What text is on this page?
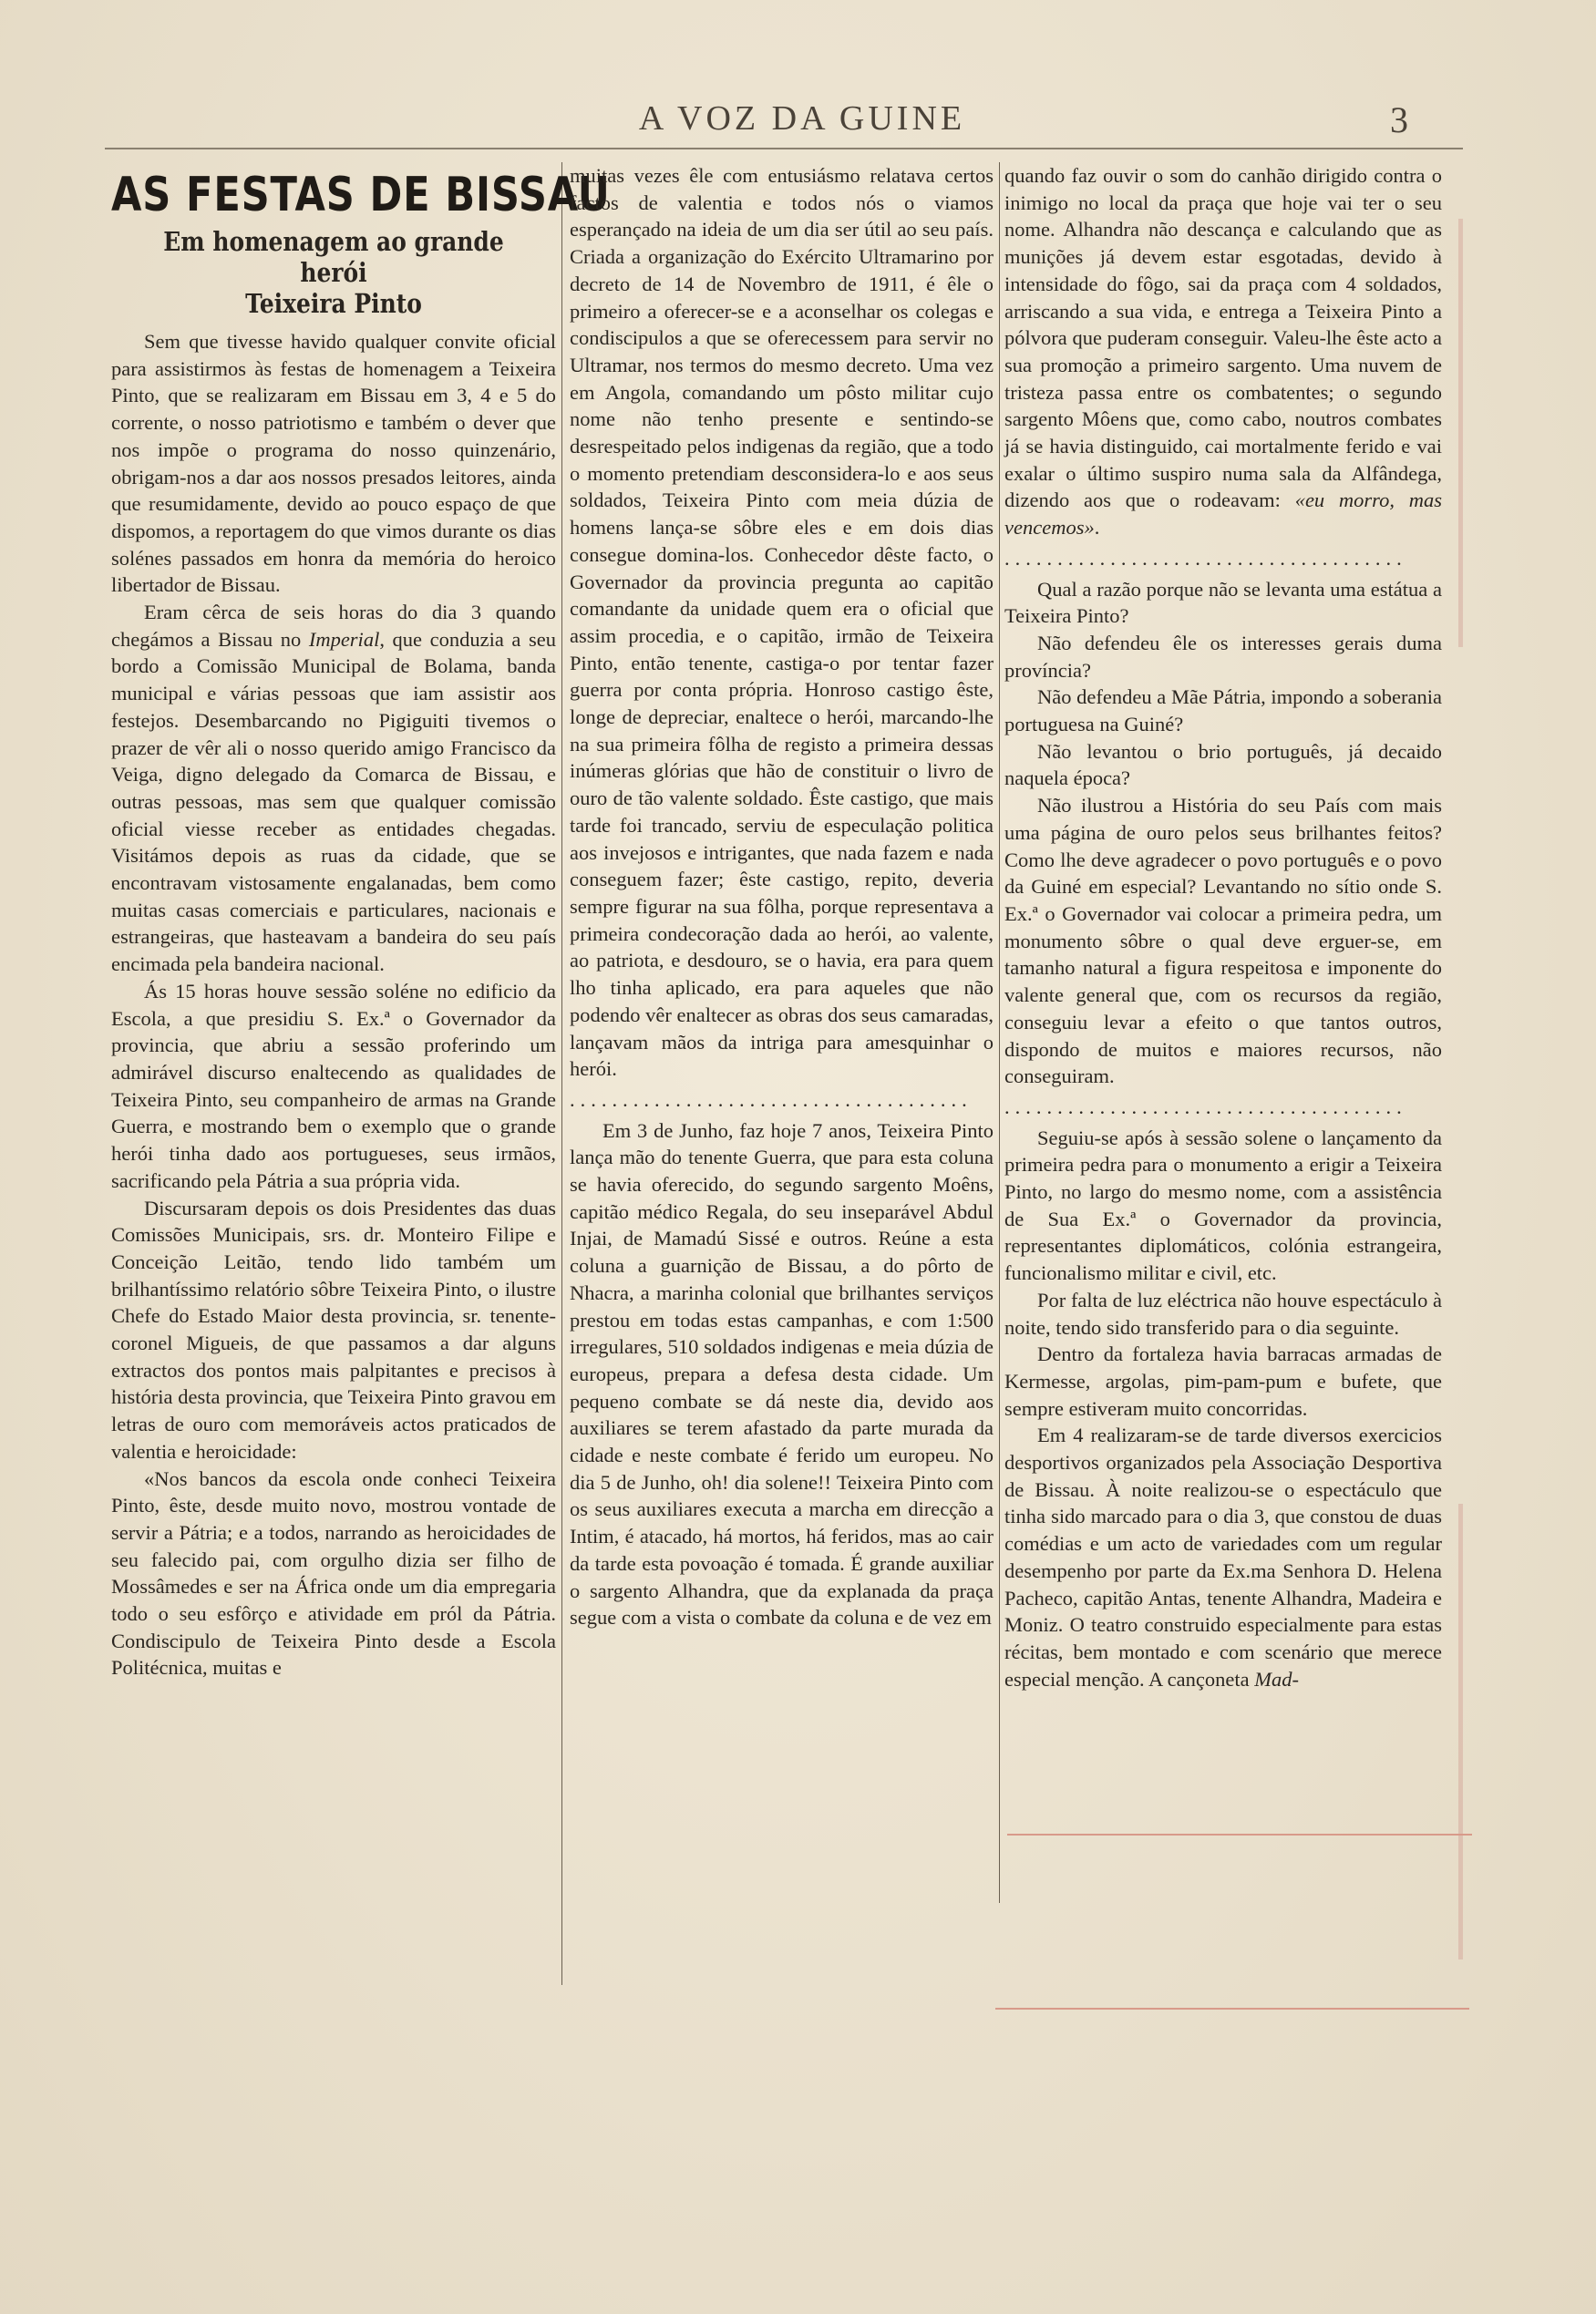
A VOZ DA GUINE	3
AS FESTAS DE BISSAU
Em homenagem ao grande herói
Teixeira Pinto

Sem que tivesse havido qualquer convite oficial para assistirmos às festas de homenagem a Teixeira Pinto, que se realizaram em Bissau em 3, 4 e 5 do corrente, o nosso patriotismo e também o dever que nos impõe o programa do nosso quinzenário, obrigam-nos a dar aos nossos presados leitores, ainda que resumidamente, devido ao pouco espaço de que dispomos, a reportagem do que vimos durante os dias solénes passados em honra da memória do heroico libertador de Bissau.

Eram cêrca de seis horas do dia 3 quando chegámos a Bissau no Imperial, que conduzia a seu bordo a Comissão Municipal de Bolama, banda municipal e várias pessoas que iam assistir aos festejos. Desembarcando no Pigiguiti tivemos o prazer de vêr ali o nosso querido amigo Francisco da Veiga, digno delegado da Comarca de Bissau, e outras pessoas, mas sem que qualquer comissão oficial viesse receber as entidades chegadas. Visitámos depois as ruas da cidade, que se encontravam vistosamente engalanadas, bem como muitas casas comerciais e particulares, nacionais e estrangeiras, que hasteavam a bandeira do seu país encimada pela bandeira nacional.

Ás 15 horas houve sessão soléne no edificio da Escola, a que presidiu S. Ex.ª o Governador da provincia, que abriu a sessão proferindo um admirável discurso enaltecendo as qualidades de Teixeira Pinto, seu companheiro de armas na Grande Guerra, e mostrando bem o exemplo que o grande herói tinha dado aos portugueses, seus irmãos, sacrificando pela Pátria a sua própria vida.

Discursaram depois os dois Presidentes das duas Comissões Municipais, srs. dr. Monteiro Filipe e Conceição Leitão, tendo lido também um brilhantíssimo relatório sôbre Teixeira Pinto, o ilustre Chefe do Estado Maior desta provincia, sr. tenente-coronel Migueis, de que passamos a dar alguns extractos dos pontos mais palpitantes e precisos à história desta provincia, que Teixeira Pinto gravou em letras de ouro com memoráveis actos praticados de valentia e heroicidade:

«Nos bancos da escola onde conheci Teixeira Pinto, êste, desde muito novo, mostrou vontade de servir a Pátria; e a todos, narrando as heroicidades de seu falecido pai, com orgulho dizia ser filho de Mossâmedes e ser na África onde um dia empregaria todo o seu esfôrço e atividade em pról da Pátria. Condiscipulo de Teixeira Pinto desde a Escola Politécnica, muitas e

muitas vezes êle com entusiásmo relatava certos factos de valentia e todos nós o viamos esperançado na ideia de um dia ser útil ao seu país. Criada a organização do Exército Ultramarino por decreto de 14 de Novembro de 1911, é êle o primeiro a oferecer-se e a aconselhar os colegas e condiscipulos a que se oferecessem para servir no Ultramar, nos termos do mesmo decreto. Uma vez em Angola, comandando um pôsto militar cujo nome não tenho presente e sentindo-se desrespeitado pelos indigenas da região, que a todo o momento pretendiam desconsidera-lo e aos seus soldados, Teixeira Pinto com meia dúzia de homens lança-se sôbre eles e em dois dias consegue domina-los. Conhecedor dêste facto, o Governador da provincia pregunta ao capitão comandante da unidade quem era o oficial que assim procedia, e o capitão, irmão de Teixeira Pinto, então tenente, castiga-o por tentar fazer guerra por conta própria. Honroso castigo êste, longe de depreciar, enaltece o herói, marcando-lhe na sua primeira fôlha de registo a primeira dessas inúmeras glórias que hão de constituir o livro de ouro de tão valente soldado. Êste castigo, que mais tarde foi trancado, serviu de especulação politica aos invejosos e intrigantes, que nada fazem e nada conseguem fazer; êste castigo, repito, deveria sempre figurar na sua fôlha, porque representava a primeira condecoração dada ao herói, ao valente, ao patriota, e desdouro, se o havia, era para quem lho tinha aplicado, era para aqueles que não podendo vêr enaltecer as obras dos seus camaradas, lançavam mãos da intriga para amesquinhar o herói.

......................................

Em 3 de Junho, faz hoje 7 anos, Teixeira Pinto lança mão do tenente Guerra, que para esta coluna se havia oferecido, do segundo sargento Moêns, capitão médico Regala, do seu inseparável Abdul Injai, de Mamadú Sissé e outros. Reúne a esta coluna a guarnição de Bissau, a do pôrto de Nhacra, a marinha colonial que brilhantes serviços prestou em todas estas campanhas, e com 1:500 irregulares, 510 soldados indigenas e meia dúzia de europeus, prepara a defesa desta cidade. Um pequeno combate se dá neste dia, devido aos auxiliares se terem afastado da parte murada da cidade e neste combate é ferido um europeu. No dia 5 de Junho, oh! dia solene!! Teixeira Pinto com os seus auxiliares executa a marcha em direcção a Intim, é atacado, há mortos, há feridos, mas ao cair da tarde esta povoação é tomada. É grande auxiliar o sargento Alhandra, que da explanada da praça segue com a vista o combate da coluna e de vez em

quando faz ouvir o som do canhão dirigido contra o inimigo no local da praça que hoje vai ter o seu nome. Alhandra não descança e calculando que as munições já devem estar esgotadas, devido à intensidade do fôgo, sai da praça com 4 soldados, arriscando a sua vida, e entrega a Teixeira Pinto a pólvora que puderam conseguir. Valeu-lhe êste acto a sua promoção a primeiro sargento. Uma nuvem de tristeza passa entre os combatentes; o segundo sargento Môens que, como cabo, noutros combates já se havia distinguido, cai mortalmente ferido e vai exalar o último suspiro numa sala da Alfândega, dizendo aos que o rodeavam: «eu morro, mas vencemos».

......................................

Qual a razão porque não se levanta uma estátua a Teixeira Pinto?

Não defendeu êle os interesses gerais duma província?

Não defendeu a Mãe Pátria, impondo a soberania portuguesa na Guiné?

Não levantou o brio português, já decaido naquela época?

Não ilustrou a História do seu País com mais uma página de ouro pelos seus brilhantes feitos? Como lhe deve agradecer o povo português e o povo da Guiné em especial? Levantando no sítio onde S. Ex.ª o Governador vai colocar a primeira pedra, um monumento sôbre o qual deve erguer-se, em tamanho natural a figura respeitosa e imponente do valente general que, com os recursos da região, conseguiu levar a efeito o que tantos outros, dispondo de muitos e maiores recursos, não conseguiram.

......................................

Seguiu-se após à sessão solene o lançamento da primeira pedra para o monumento a erigir a Teixeira Pinto, no largo do mesmo nome, com a assistência de Sua Ex.ª o Governador da provincia, representantes diplomáticos, colónia estrangeira, funcionalismo militar e civil, etc.

Por falta de luz eléctrica não houve espectáculo à noite, tendo sido transferido para o dia seguinte.

Dentro da fortaleza havia barracas armadas de Kermesse, argolas, pim-pam-pum e bufete, que sempre estiveram muito concorridas.

Em 4 realizaram-se de tarde diversos exercicios desportivos organizados pela Associação Desportiva de Bissau. À noite realizou-se o espectáculo que tinha sido marcado para o dia 3, que constou de duas comédias e um acto de variedades com um regular desempenho por parte da Ex.ma Senhora D. Helena Pacheco, capitão Antas, tenente Alhandra, Madeira e Moniz. O teatro construido especialmente para estas récitas, bem montado e com scenário que merece especial menção. A cançoneta Mad-
